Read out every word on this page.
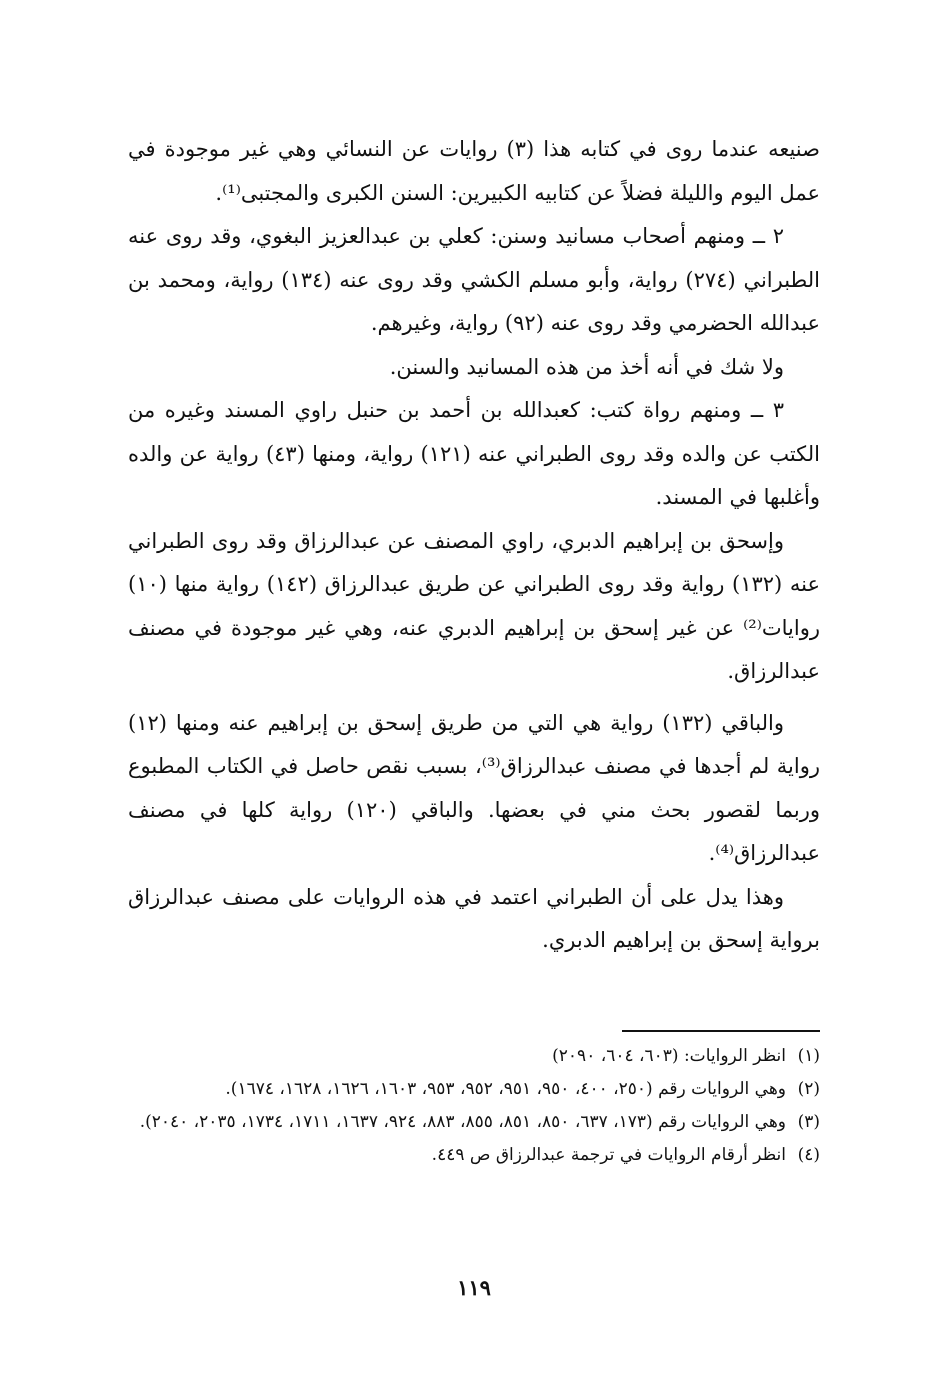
صنيعه عندما روى في كتابه هذا (٣) روايات عن النسائي وهي غير موجودة في عمل اليوم والليلة فضلاً عن كتابيه الكبيرين: السنن الكبرى والمجتبى⁽¹⁾.

٢ ــ ومنهم أصحاب مسانيد وسنن: كعلي بن عبدالعزيز البغوي، وقد روى عنه الطبراني (٢٧٤) رواية، وأبو مسلم الكشي وقد روى عنه (١٣٤) رواية، ومحمد بن عبدالله الحضرمي وقد روى عنه (٩٢) رواية، وغيرهم.

ولا شك في أنه أخذ من هذه المسانيد والسنن.

٣ ــ ومنهم رواة كتب: كعبدالله بن أحمد بن حنبل راوي المسند وغيره من الكتب عن والده وقد روى الطبراني عنه (١٢١) رواية، ومنها (٤٣) رواية عن والده وأغلبها في المسند.

وإسحق بن إبراهيم الدبري، راوي المصنف عن عبدالرزاق وقد روى الطبراني عنه (١٣٢) رواية وقد روى الطبراني عن طريق عبدالرزاق (١٤٢) رواية منها (١٠) روايات⁽²⁾ عن غير إسحق بن إبراهيم الدبري عنه، وهي غير موجودة في مصنف عبدالرزاق.

والباقي (١٣٢) رواية هي التي من طريق إسحق بن إبراهيم عنه ومنها (١٢) رواية لم أجدها في مصنف عبدالرزاق⁽³⁾، بسبب نقص حاصل في الكتاب المطبوع وربما لقصور بحث مني في بعضها. والباقي (١٢٠) رواية كلها في مصنف عبدالرزاق⁽⁴⁾.

وهذا يدل على أن الطبراني اعتمد في هذه الروايات على مصنف عبدالرزاق برواية إسحق بن إبراهيم الدبري.

(١)
انظر الروايات: (٦٠٣، ٦٠٤، ٢٠٩٠)

(٢)
وهي الروايات رقم (٢٥٠، ٤٠٠، ٩٥٠، ٩٥١، ٩٥٢، ٩٥٣، ١٦٠٣، ١٦٢٦، ١٦٢٨، ١٦٧٤).

(٣)
وهي الروايات رقم (١٧٣، ٦٣٧، ٨٥٠، ٨٥١، ٨٥٥، ٨٨٣، ٩٢٤، ١٦٣٧، ١٧١١، ١٧٣٤، ٢٠٣٥، ٢٠٤٠).

(٤)
انظر أرقام الروايات في ترجمة عبدالرزاق ص ٤٤٩.

١١٩
